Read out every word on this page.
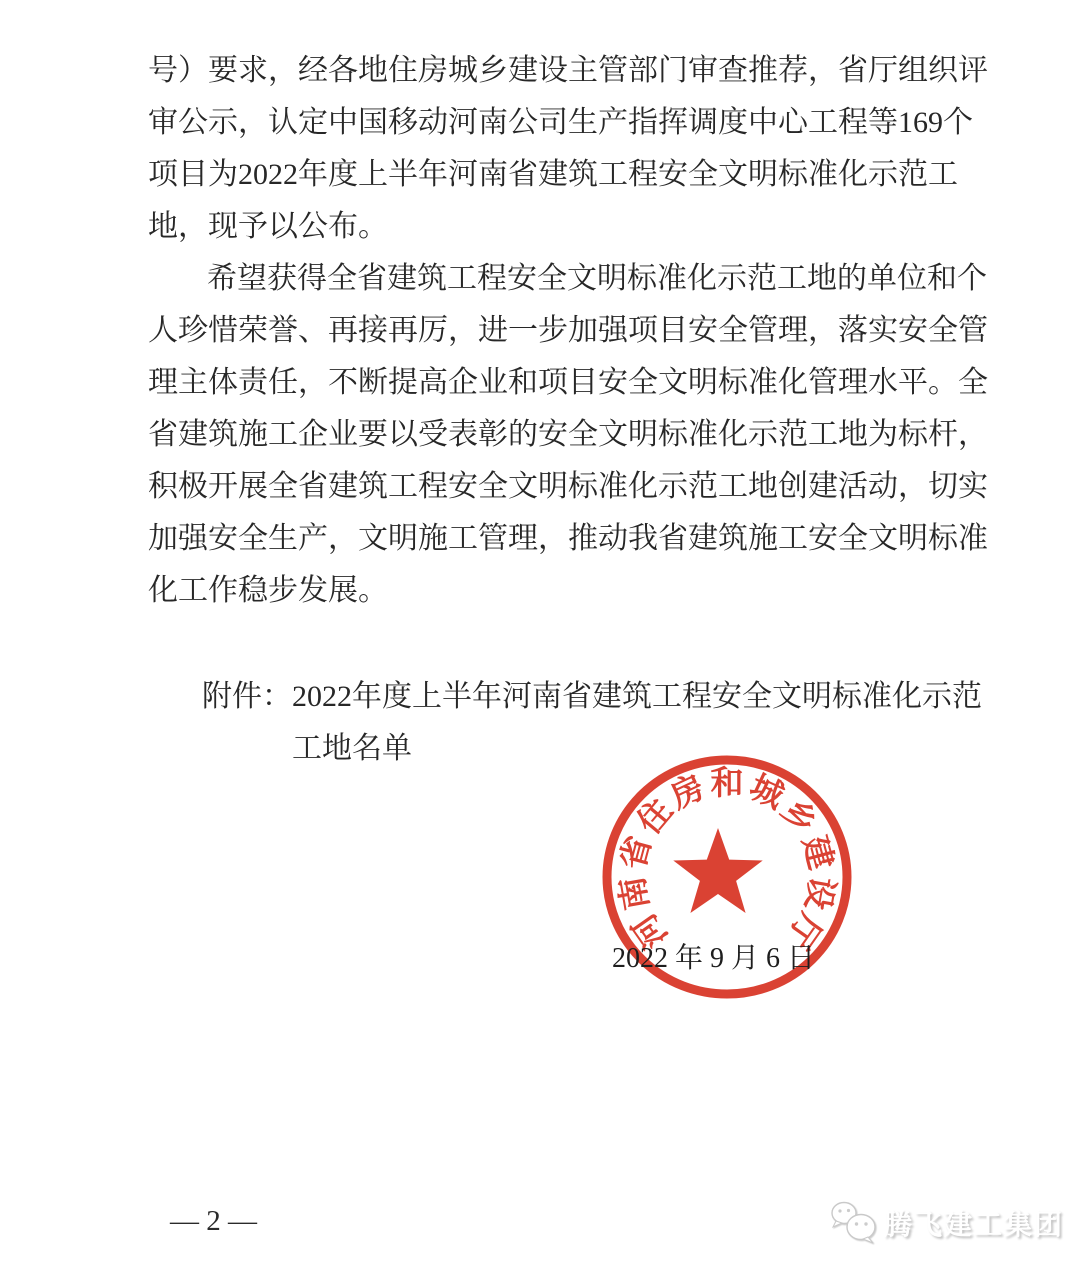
号 ） 要 求 ， 经 各 地 住 房 城 乡 建 设 主 管 部 门 审 查 推 荐 ， 省 厅 组 织 评
审 公 示 ， 认 定 中 国 移 动 河 南 公 司 生 产 指 挥 调 度 中 心 工 程 等 169 个
项 目 为 2022 年 度 上 半 年 河 南 省 建 筑 工 程 安 全 文 明 标 准 化 示 范 工
地，现予以公布。
希 望 获 得 全 省 建 筑 工 程 安 全 文 明 标 准 化 示 范 工 地 的 单 位 和 个
人 珍 惜 荣 誉 、 再 接 再 厉 ， 进 一 步 加 强 项 目 安 全 管 理 ， 落 实 安 全 管
理 主 体 责 任 ， 不 断 提 高 企 业 和 项 目 安 全 文 明 标 准 化 管 理 水 平 。 全
省 建 筑 施 工 企 业 要 以 受 表 彰 的 安 全 文 明 标 准 化 示 范 工 地 为 标 杆 ，
积 极 开 展 全 省 建 筑 工 程 安 全 文 明 标 准 化 示 范 工 地 创 建 活 动 ， 切 实
加 强 安 全 生 产 ， 文 明 施 工 管 理 ， 推 动 我 省 建 筑 施 工 安 全 文 明 标 准
化工作稳步发展。
附 件 ： 2022 年 度 上 半 年 河 南 省 建 筑 工 程 安 全 文 明 标 准 化 示 范
工地名单
河
南
省
住
房 和 城
乡
建
设
厅
2022 年 9 月 6 日
— 2 —	腾飞建工集团
